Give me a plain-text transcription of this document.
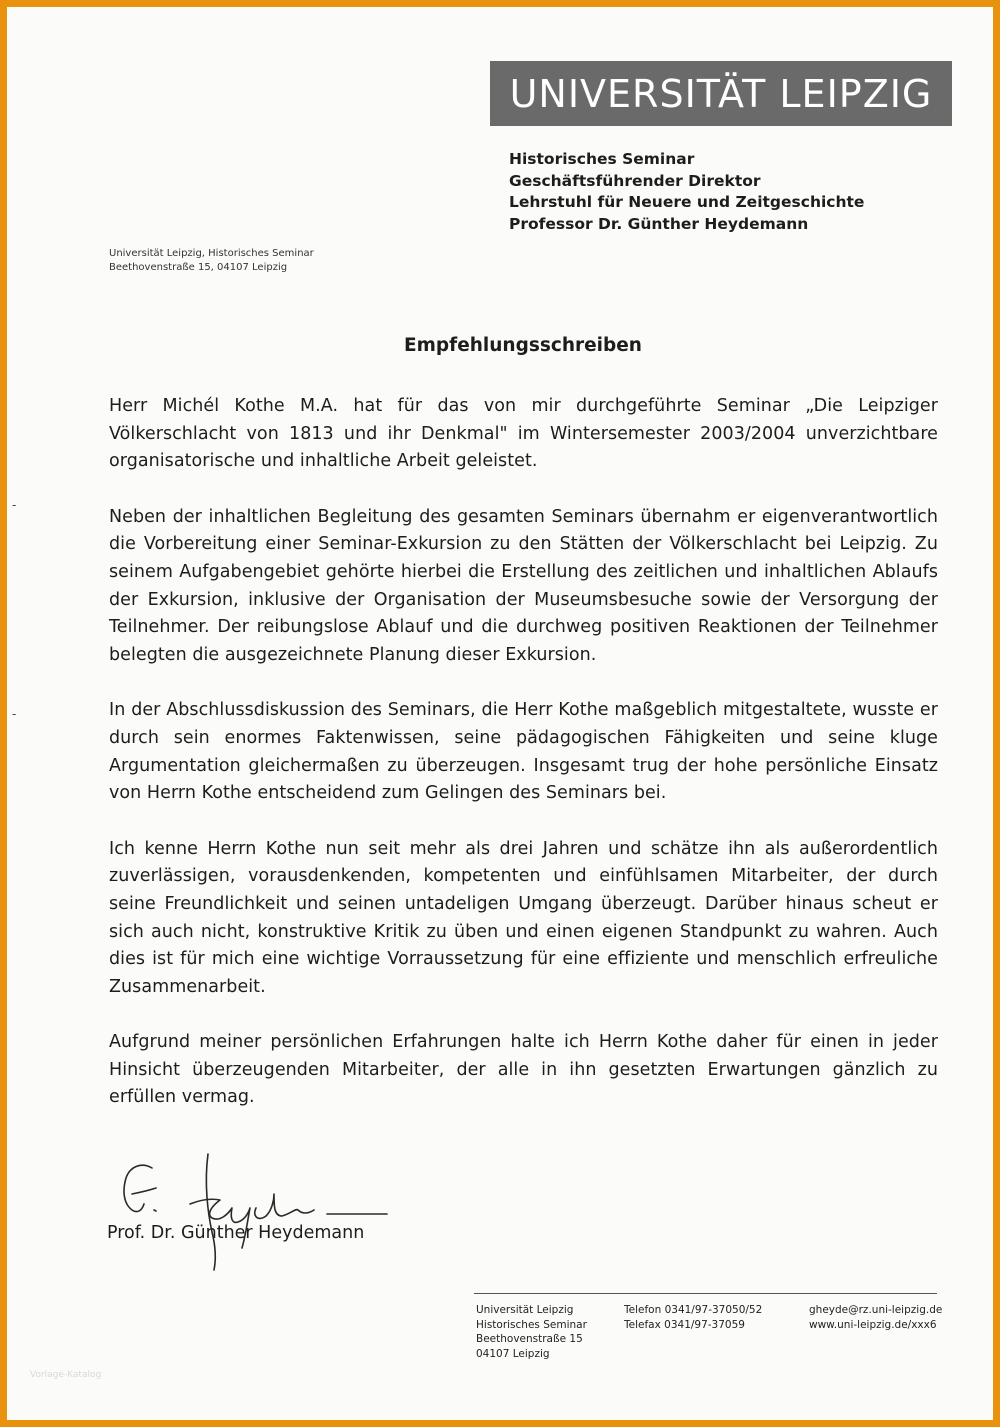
UNIVERSITÄT LEIPZIG
Historisches Seminar
Geschäftsführender Direktor
Lehrstuhl für Neuere und Zeitgeschichte
Professor Dr. Günther Heydemann
Universität Leipzig, Historisches Seminar
Beethovenstraße 15, 04107 Leipzig
Empfehlungsschreiben
-
-

Herr Michél Kothe M.A. hat für das von mir durchgeführte Seminar „Die Leipziger Völkerschlacht von 1813 und ihr Denkmal" im Wintersemester 2003/2004 unverzichtbare organisatorische und inhaltliche Arbeit geleistet.

Neben der inhaltlichen Begleitung des gesamten Seminars übernahm er eigenverantwortlich die Vorbereitung einer Seminar-Exkursion zu den Stätten der Völkerschlacht bei Leipzig. Zu seinem Aufgabengebiet gehörte hierbei die Erstellung des zeitlichen und inhaltlichen Ablaufs der Exkursion, inklusive der Organisation der Museumsbesuche sowie der Versorgung der Teilnehmer. Der reibungslose Ablauf und die durchweg positiven Reaktionen der Teilnehmer belegten die ausgezeichnete Planung dieser Exkursion.

In der Abschlussdiskussion des Seminars, die Herr Kothe maßgeblich mitgestaltete, wusste er durch sein enormes Faktenwissen, seine pädagogischen Fähigkeiten und seine kluge Argumentation gleichermaßen zu überzeugen. Insgesamt trug der hohe persönliche Einsatz von Herrn Kothe entscheidend zum Gelingen des Seminars bei.

Ich kenne Herrn Kothe nun seit mehr als drei Jahren und schätze ihn als außerordentlich zuverlässigen, vorausdenkenden, kompetenten und einfühlsamen Mitarbeiter, der durch seine Freundlichkeit und seinen untadeligen Umgang überzeugt. Darüber hinaus scheut er sich auch nicht, konstruktive Kritik zu üben und einen eigenen Standpunkt zu wahren. Auch dies ist für mich eine wichtige Vorraussetzung für eine effiziente und menschlich erfreuliche Zusammenarbeit.

Aufgrund meiner persönlichen Erfahrungen halte ich Herrn Kothe daher für einen in jeder Hinsicht überzeugenden Mitarbeiter, der alle in ihn gesetzten Erwartungen gänzlich zu erfüllen vermag.

Prof. Dr. Günther Heydemann
Universität Leipzig
Historisches Seminar
Beethovenstraße 15
04107 Leipzig
Telefon 0341/97-37050/52
Telefax 0341/97-37059
gheyde@rz.uni-leipzig.de
www.uni-leipzig.de/xxx6
Vorlage-Katalog
